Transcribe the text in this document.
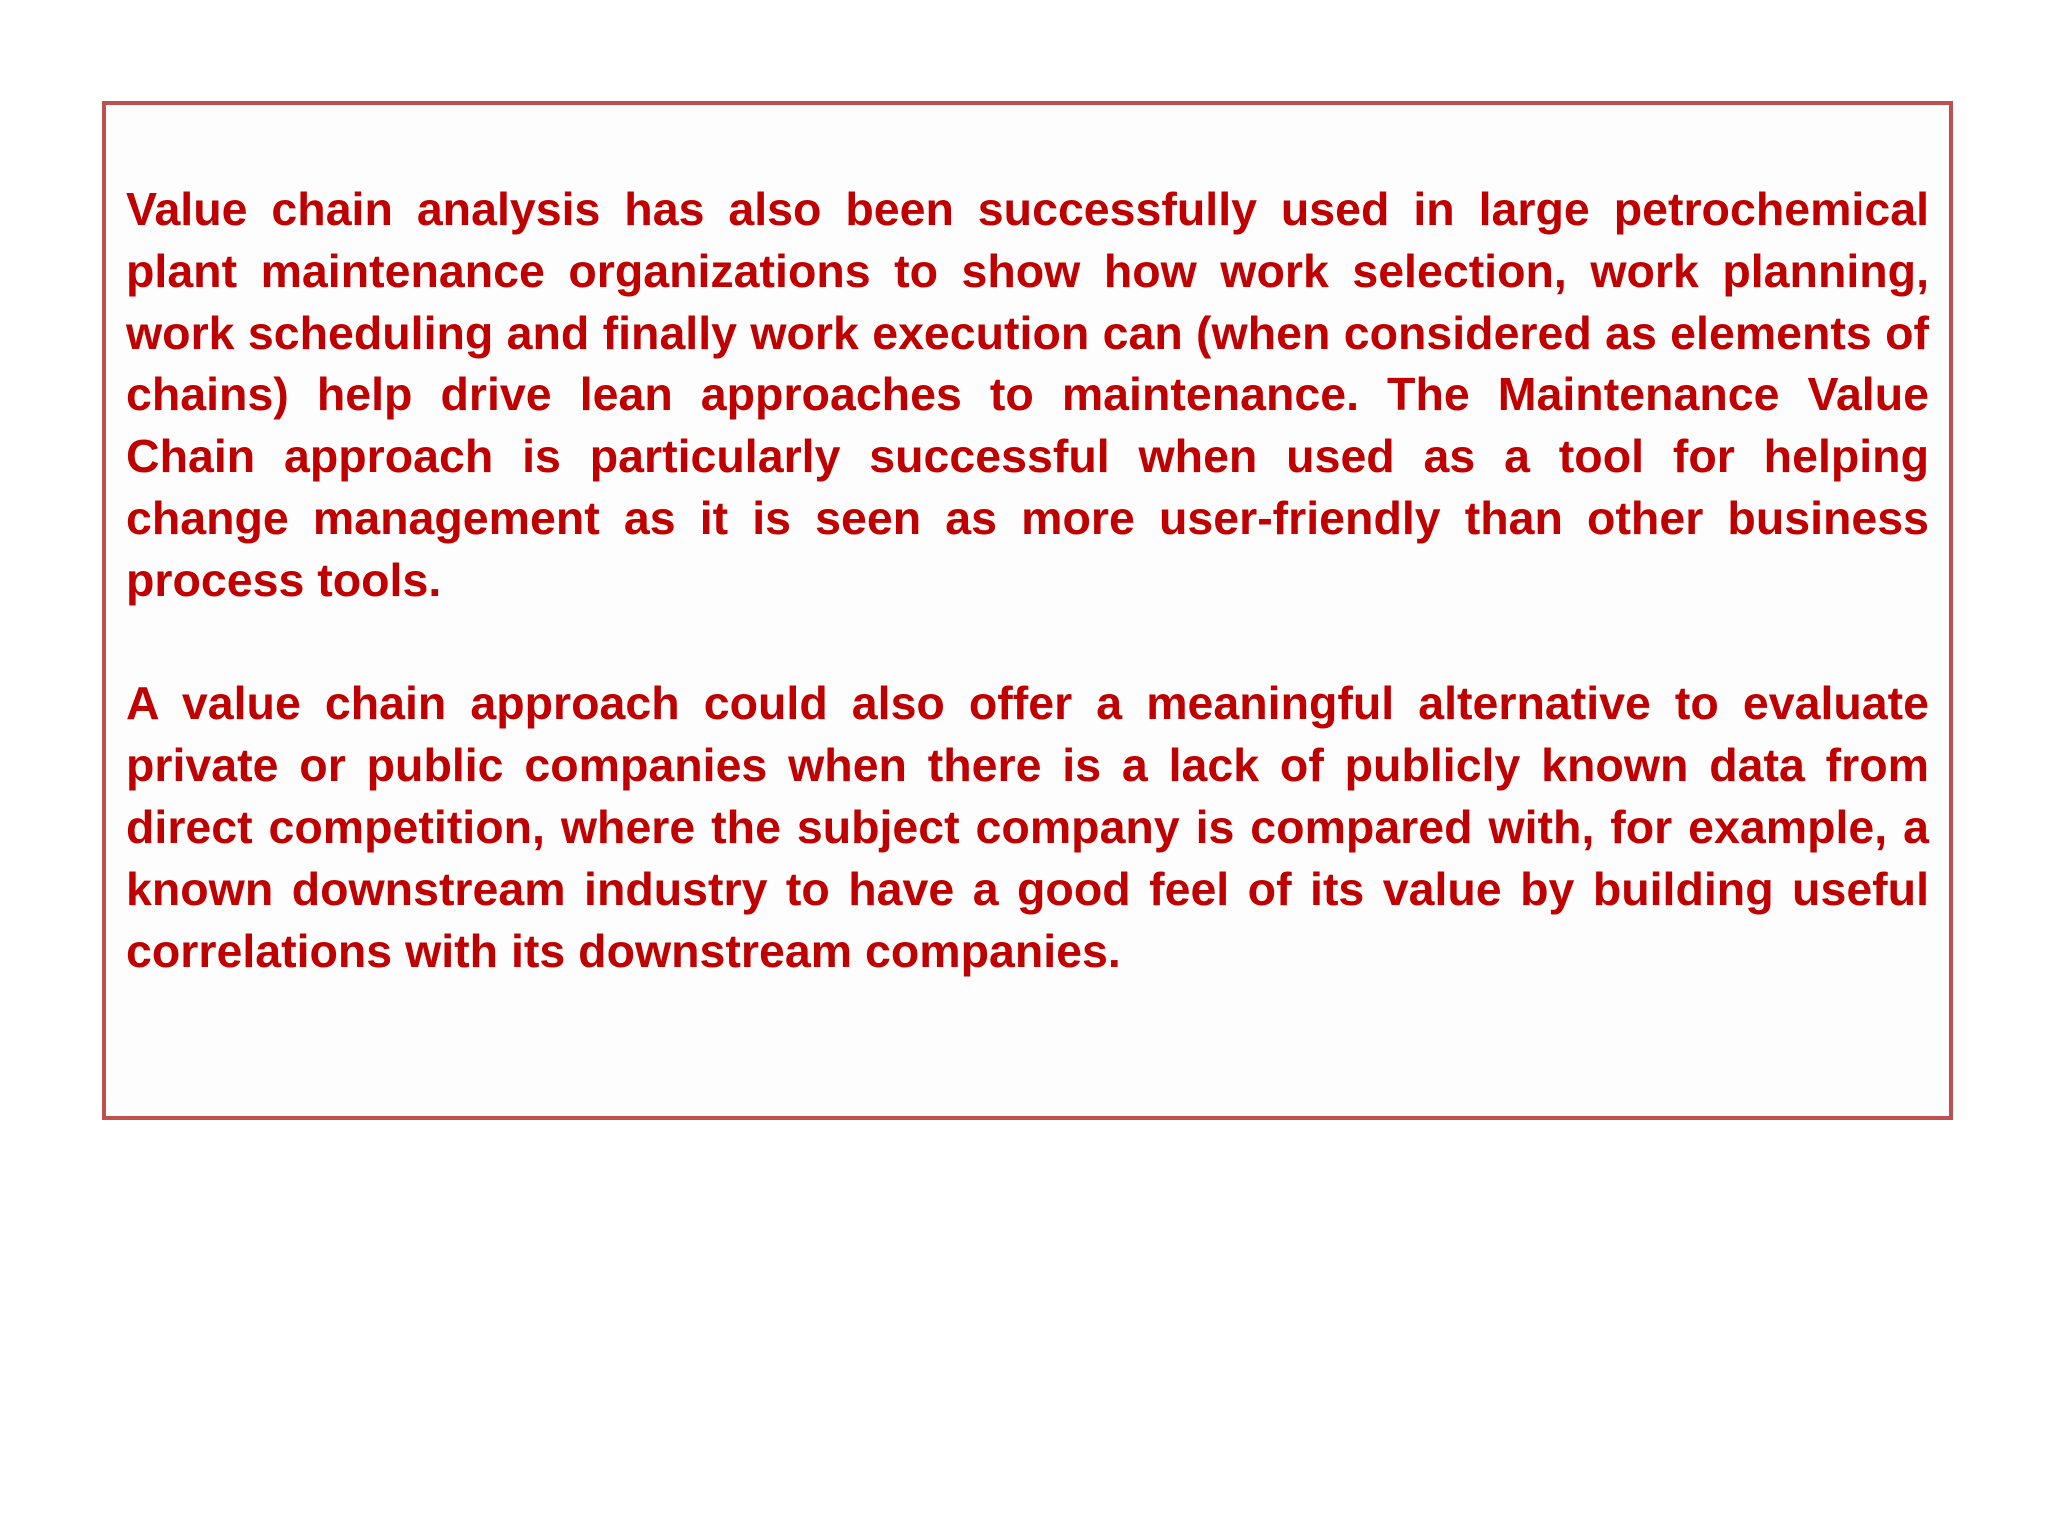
Value chain analysis has also been successfully used in large petrochemical plant maintenance organizations to show how work selection, work planning, work scheduling and finally work execution can (when considered as elements of chains) help drive lean approaches to maintenance. The Maintenance Value Chain approach is particularly successful when used as a tool for helping change management as it is seen as more user-friendly than other business process tools.

A value chain approach could also offer a meaningful alternative to evaluate private or public companies when there is a lack of publicly known data from direct competition, where the subject company is compared with, for example, a known downstream industry to have a good feel of its value by building useful correlations with its downstream companies.
